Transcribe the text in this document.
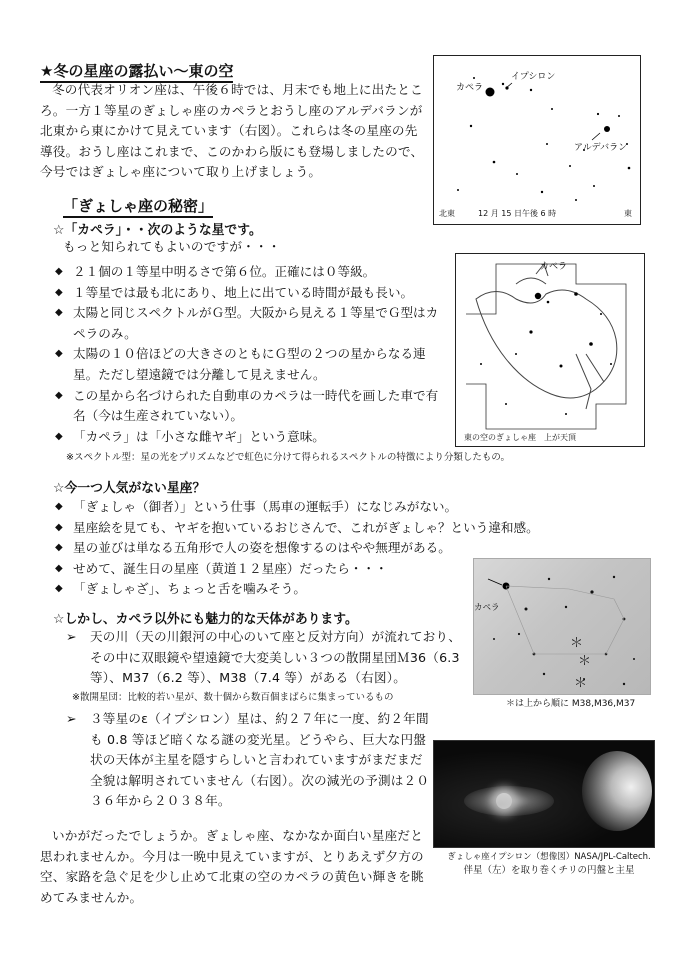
★冬の星座の露払い〜東の空
冬の代表オリオン座は、午後６時では、月末でも地上に出たところ。一方１等星のぎょしゃ座のカペラとおうし座のアルデバランが北東から東にかけて見えています（右図）。これらは冬の星座の先導役。おうし座はこれまで、このかわら版にも登場しましたので、今号ではぎょしゃ座について取り上げましょう。
カペラ
イプシロン
アルデバラン
北東	12 月 15 日午後 6 時	東
「ぎょしゃ座の秘密」
☆「カペラ」・・次のような星です。
もっと知られてもよいのですが・・・
◆ ２１個の１等星中明るさで第６位。正確には０等級。
◆ １等星では最も北にあり、地上に出ている時間が最も長い。
◆ 太陽と同じスペクトルがＧ型。大阪から見える１等星でＧ型はカペラのみ。
◆ 太陽の１０倍ほどの大きさのともにＧ型の２つの星からなる連星。ただし望遠鏡では分離して見えません。
◆ この星から名づけられた自動車のカペラは一時代を画した車で有名（今は生産されていない）。
◆ 「カペラ」は「小さな雌ヤギ」という意味。
※スペクトル型：星の光をプリズムなどで虹色に分けて得られるスペクトルの特徴により分類したもの。
カペラ
東の空のぎょしゃ座　上が天頂
☆今一つ人気がない星座？
◆ 「ぎょしゃ（御者）」という仕事（馬車の運転手）になじみがない。
◆ 星座絵を見ても、ヤギを抱いているおじさんで、これがぎょしゃ？という違和感。
◆ 星の並びは単なる五角形で人の姿を想像するのはやや無理がある。
◆ せめて、誕生日の星座（黄道１２星座）だったら・・・
◆ 「ぎょしゃざ」、ちょっと舌を噛みそう。
＊
＊
＊
カペラ
＊は上から順に M38,M36,M37
☆しかし、カペラ以外にも魅力的な天体があります。
➢ 天の川（天の川銀河の中心のいて座と反対方向）が流れており、その中に双眼鏡や望遠鏡で大変美しい３つの散開星団Ｍ36（6.3 等）、M37（6.2 等）、M38（7.4 等）がある（右図）。
※散開星団：比較的若い星が、数十個から数百個まばらに集まっているもの
➢ ３等星のε（イプシロン）星は、約２７年に一度、約２年間も 0.8 等ほど暗くなる謎の変光星。どうやら、巨大な円盤状の天体が主星を隠すらしいと言われていますがまだまだ全貌は解明されていません（右図）。次の減光の予測は２０３６年から２０３８年。
ぎょしゃ座イプシロン（想像図）NASA/JPL-Caltech.
伴星（左）を取り巻くチリの円盤と主星
いかがだったでしょうか。ぎょしゃ座、なかなか面白い星座だと思われませんか。今月は一晩中見えていますが、とりあえず夕方の空、家路を急ぐ足を少し止めて北東の空のカペラの黄色い輝きを眺めてみませんか。
